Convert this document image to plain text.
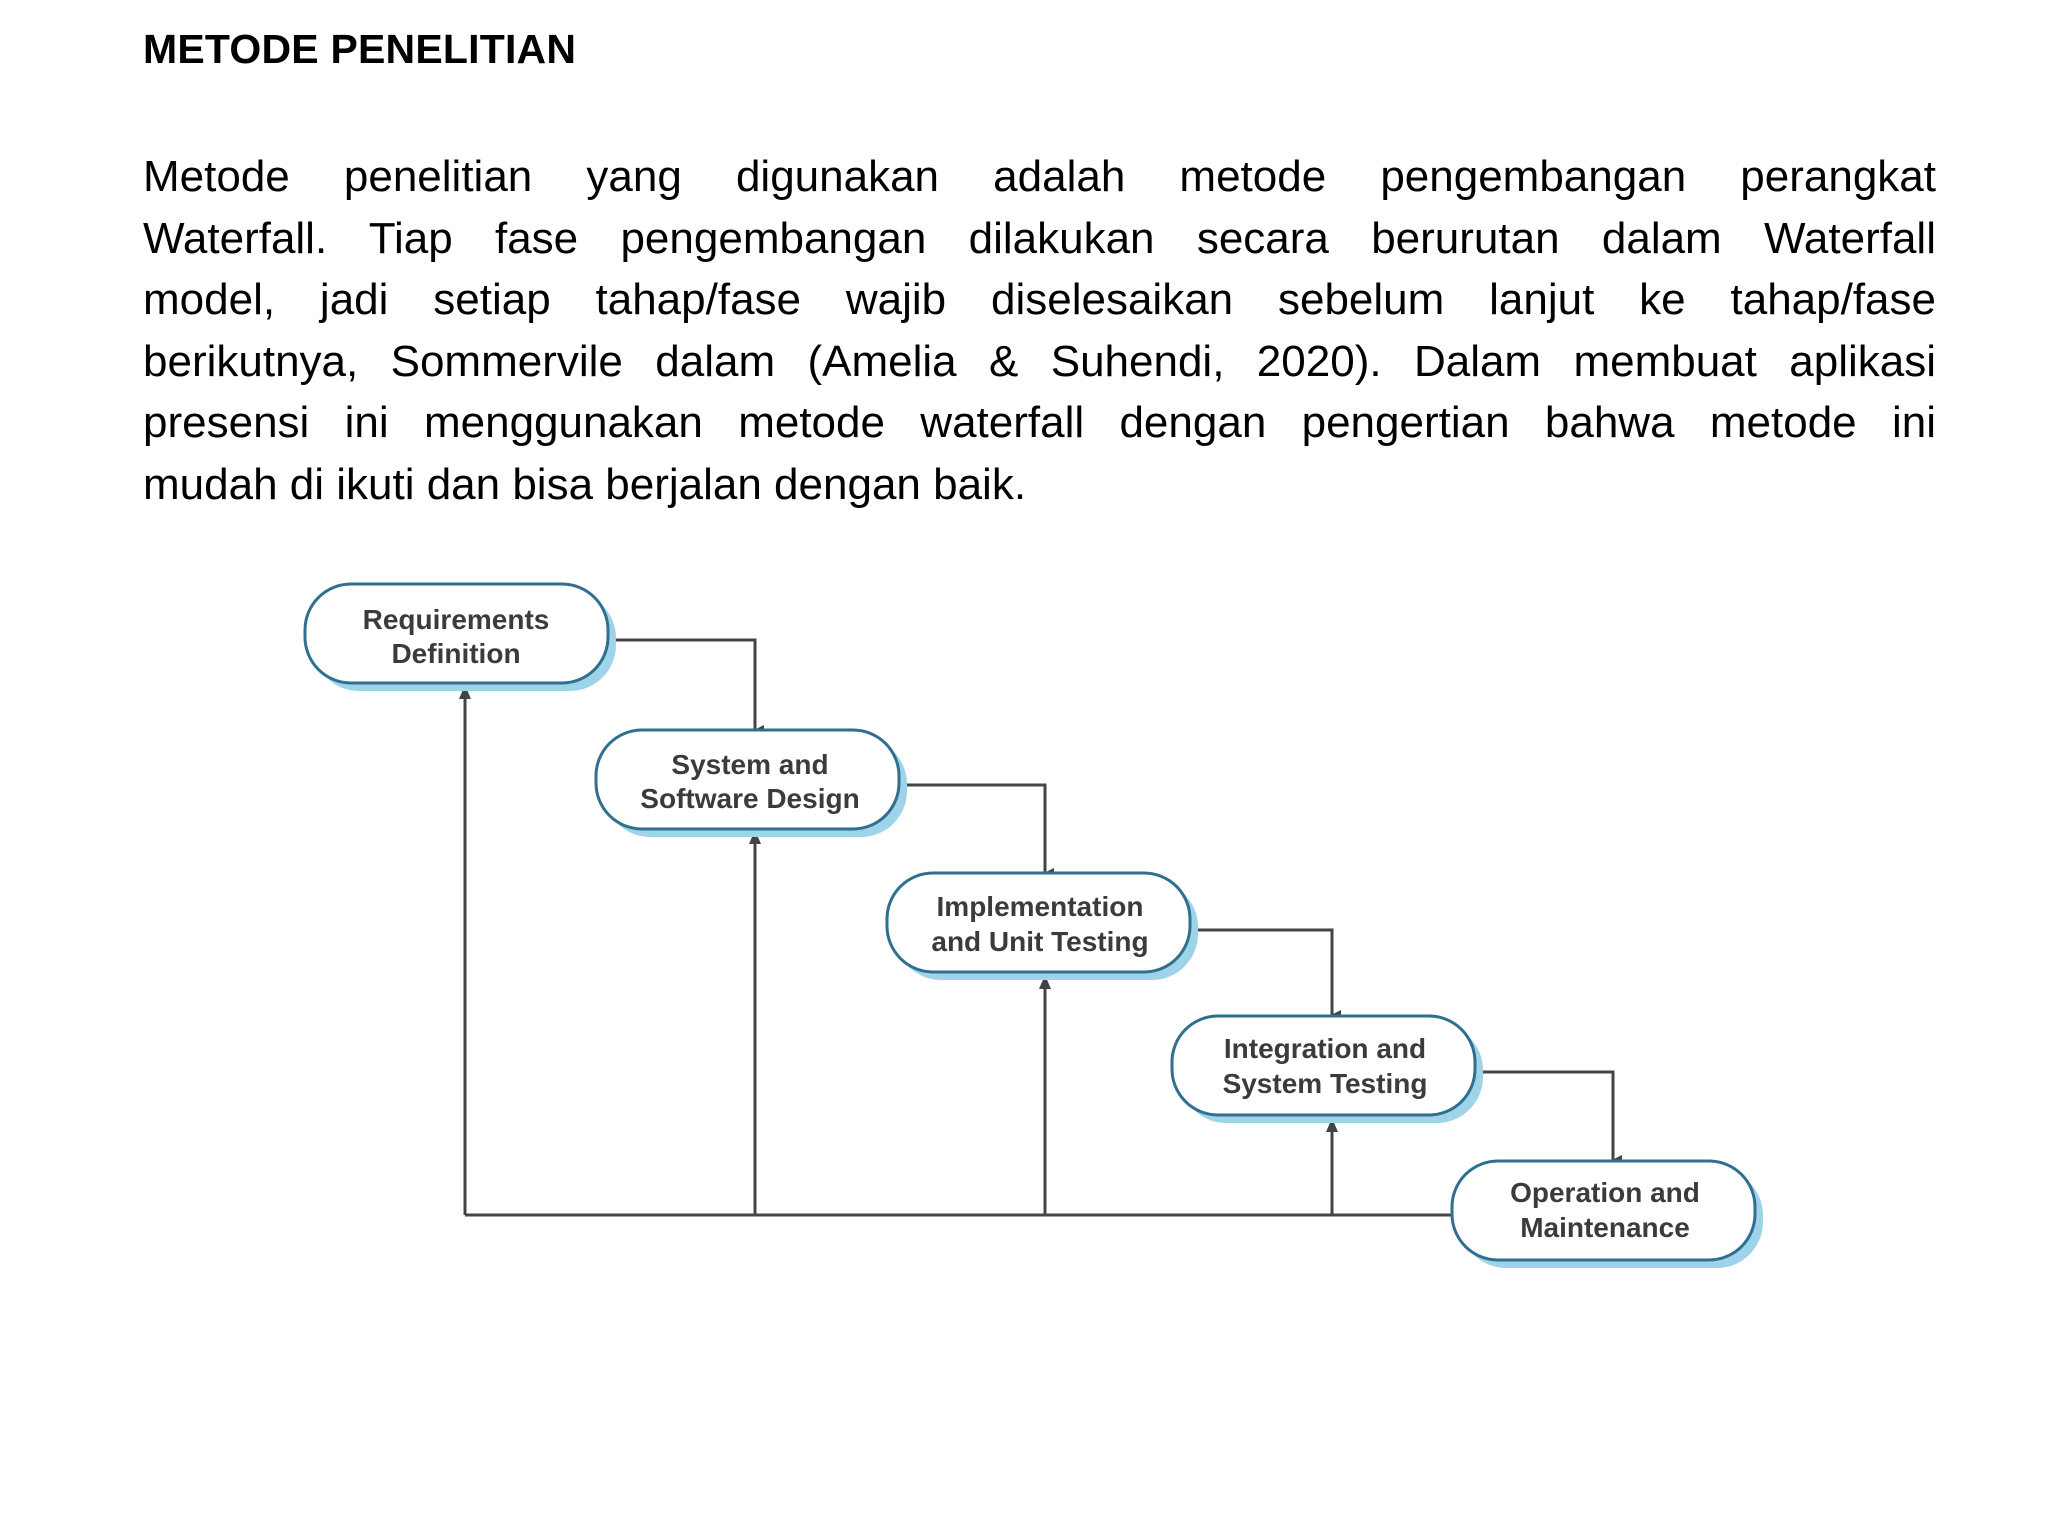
METODE PENELITIAN
Metode penelitian yang digunakan adalah metode pengembangan perangkat
Waterfall. Tiap fase pengembangan dilakukan secara berurutan dalam Waterfall
model, jadi setiap tahap/fase wajib diselesaikan sebelum lanjut ke tahap/fase
berikutnya, Sommervile dalam (Amelia & Suhendi, 2020). Dalam membuat aplikasi
presensi ini menggunakan metode waterfall dengan pengertian bahwa metode ini
mudah di ikuti dan bisa berjalan dengan baik.
Requirements
Definition
System and
Software Design
Implementation
and Unit Testing
Integration and
System Testing
Operation and
Maintenance
